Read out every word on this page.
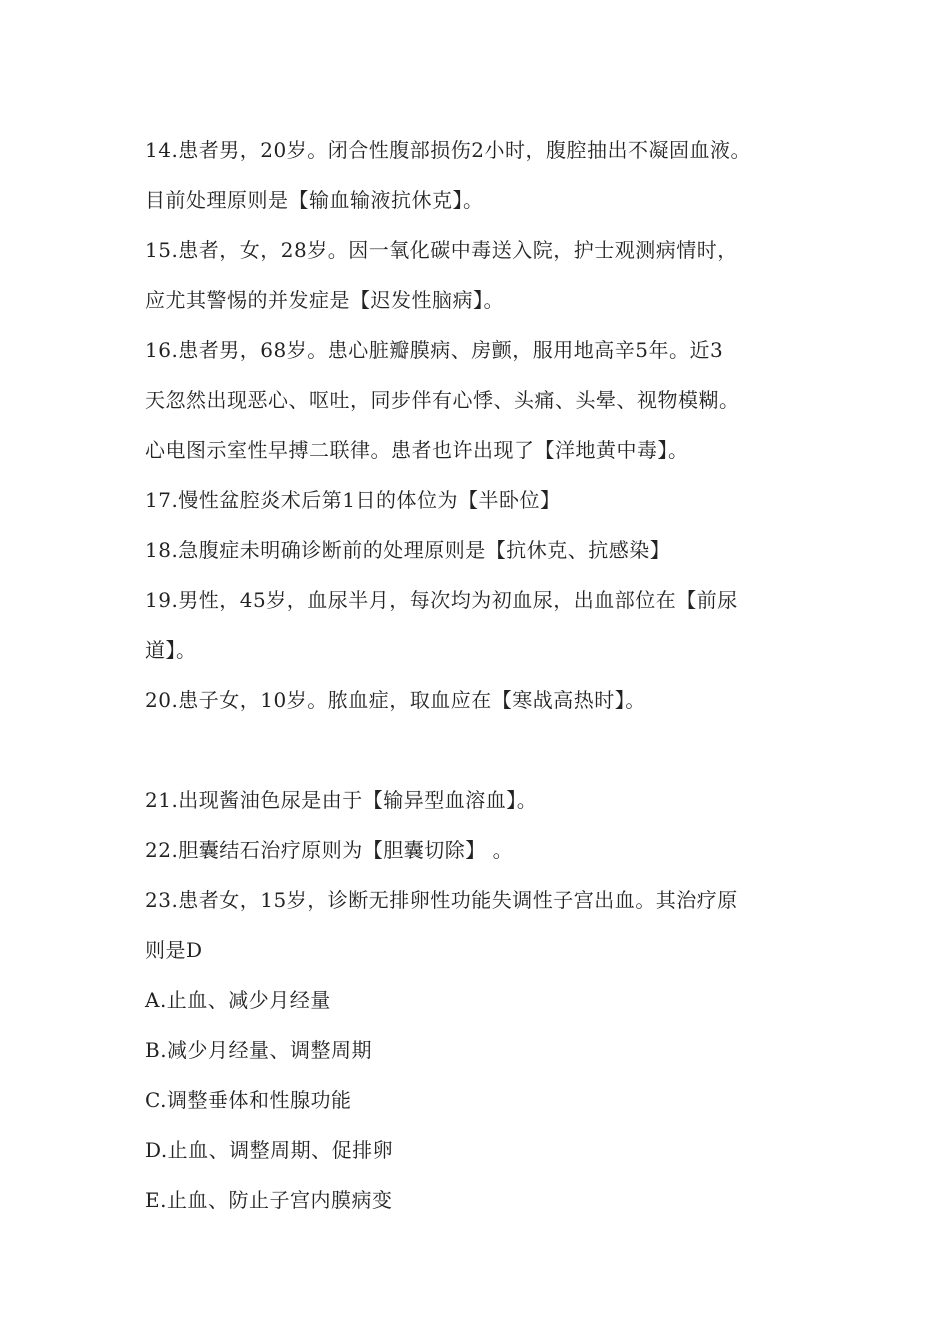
14.患者男，20岁。闭合性腹部损伤2小时，腹腔抽出不凝固血液。

目前处理原则是【输血输液抗休克】。

15.患者，女，28岁。因一氧化碳中毒送入院，护士观测病情时，

应尤其警惕的并发症是【迟发性脑病】。

16.患者男，68岁。患心脏瓣膜病、房颤，服用地高辛5年。近3

天忽然出现恶心、呕吐，同步伴有心悸、头痛、头晕、视物模糊。

心电图示室性早搏二联律。患者也许出现了【洋地黄中毒】。

17.慢性盆腔炎术后第1日的体位为【半卧位】

18.急腹症未明确诊断前的处理原则是【抗休克、抗感染】

19.男性，45岁，血尿半月，每次均为初血尿，出血部位在【前尿

道】。

20.患子女，10岁。脓血症，取血应在【寒战高热时】。

21.出现酱油色尿是由于【输异型血溶血】。

22.胆囊结石治疗原则为【胆囊切除】 。

23.患者女，15岁，诊断无排卵性功能失调性子宫出血。其治疗原

则是D

A.止血、减少月经量

B.减少月经量、调整周期

C.调整垂体和性腺功能

D.止血、调整周期、促排卵

E.止血、防止子宫内膜病变
